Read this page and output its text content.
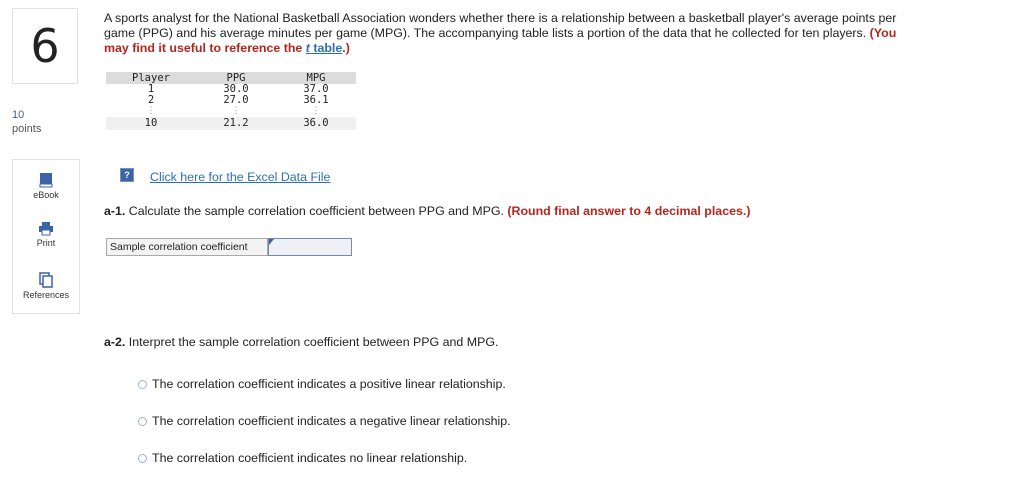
6
10
points
eBook
Print
References
A sports analyst for the National Basketball Association wonders whether there is a relationship between a basketball player's average points per game (PPG) and his average minutes per game (MPG). The accompanying table lists a portion of the data that he collected for ten players. (You may find it useful to reference the t table.)
Player	PPG	MPG
1	30.0	37.0
2	27.0	36.1
⋮	⋮	⋮
10	21.2	36.0
?	Click here for the Excel Data File
a-1. Calculate the sample correlation coefficient between PPG and MPG. (Round final answer to 4 decimal places.)
Sample correlation coefficient
a-2. Interpret the sample correlation coefficient between PPG and MPG.
The correlation coefficient indicates a positive linear relationship.
The correlation coefficient indicates a negative linear relationship.
The correlation coefficient indicates no linear relationship.
